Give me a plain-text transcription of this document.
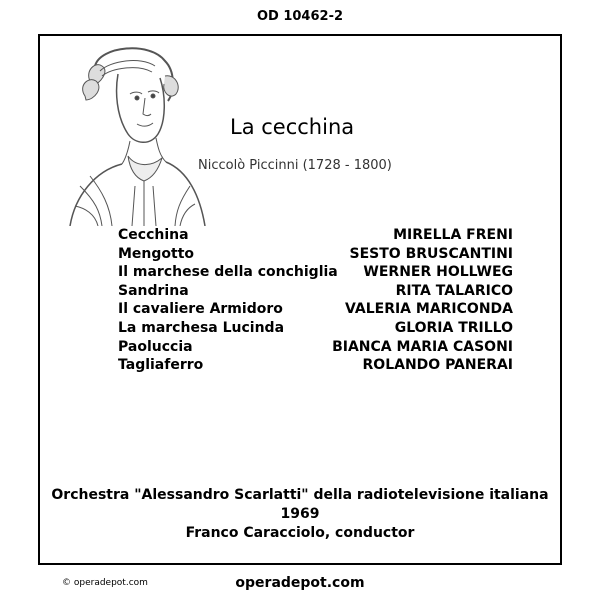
OD 10462-2
La cecchina
Niccolò Piccinni (1728 - 1800)
Cecchina	MIRELLA FRENI
Mengotto	SESTO BRUSCANTINI
Il marchese della conchiglia WERNER HOLLWEG
Sandrina	RITA TALARICO
Il cavaliere Armidoro	VALERIA MARICONDA
La marchesa Lucinda	GLORIA TRILLO
Paoluccia	BIANCA MARIA CASONI
Tagliaferro	ROLANDO PANERAI
Orchestra "Alessandro Scarlatti" della radiotelevisione italiana
1969
Franco Caracciolo, conductor
© operadepot.com	operadepot.com
